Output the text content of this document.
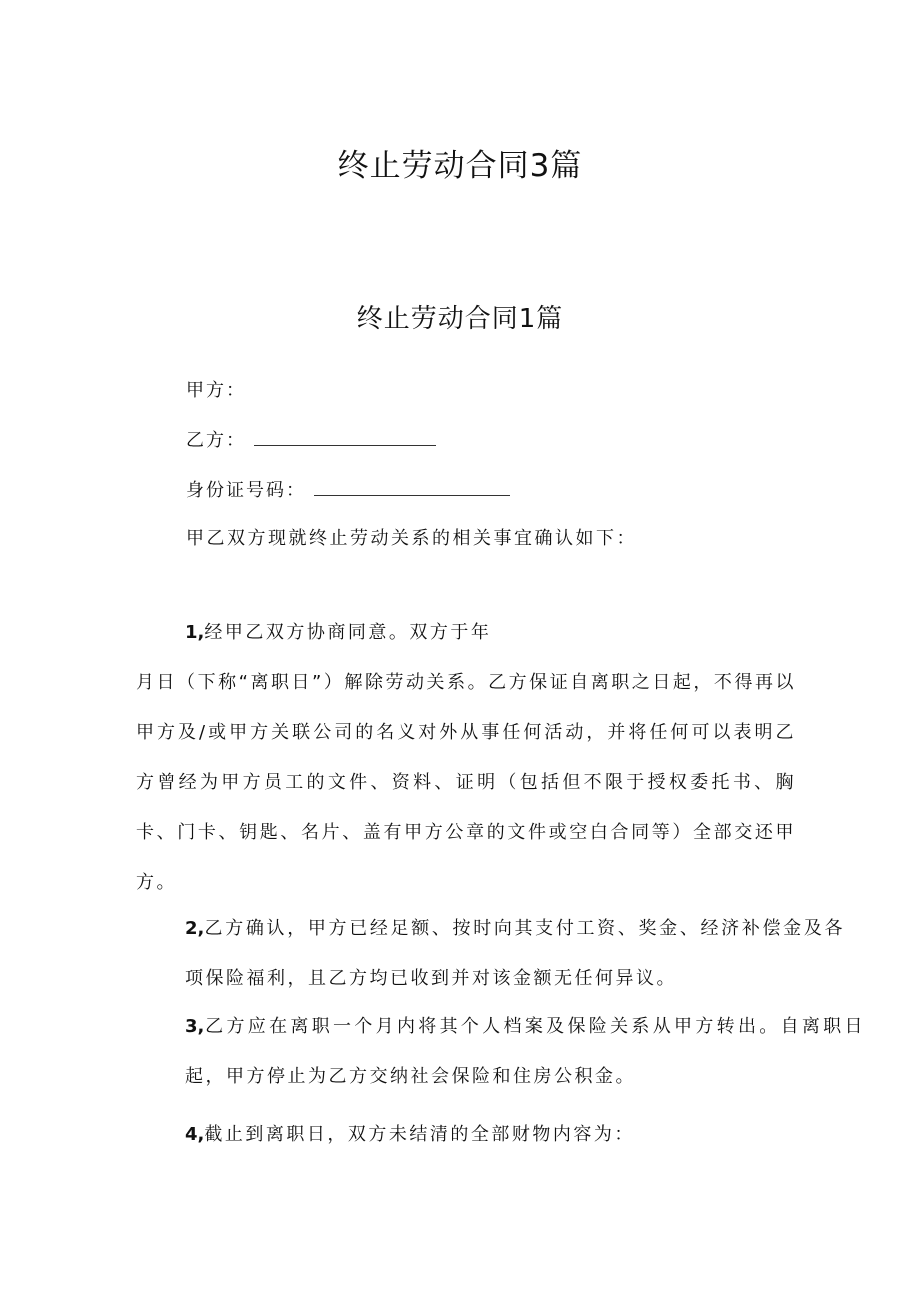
终止劳动合同3篇
终止劳动合同1篇
甲方：
乙方：
身份证号码：

甲乙双方现就终止劳动关系的相关事宜确认如下：

1,经甲乙双方协商同意。双方于年

月日（下称“离职日”）解除劳动关系。乙方保证自离职之日起，不得再以甲方及/或甲方关联公司的名义对外从事任何活动，并将任何可以表明乙方曾经为甲方员工的文件、资料、证明（包括但不限于授权委托书、胸卡、门卡、钥匙、名片、盖有甲方公章的文件或空白合同等）全部交还甲方。

2,乙方确认，甲方已经足额、按时向其支付工资、奖金、经济补偿金及各项保险福利，且乙方均已收到并对该金额无任何异议。

3,乙方应在离职一个月内将其个人档案及保险关系从甲方转出。自离职日起，甲方停止为乙方交纳社会保险和住房公积金。

4,截止到离职日，双方未结清的全部财物内容为：
